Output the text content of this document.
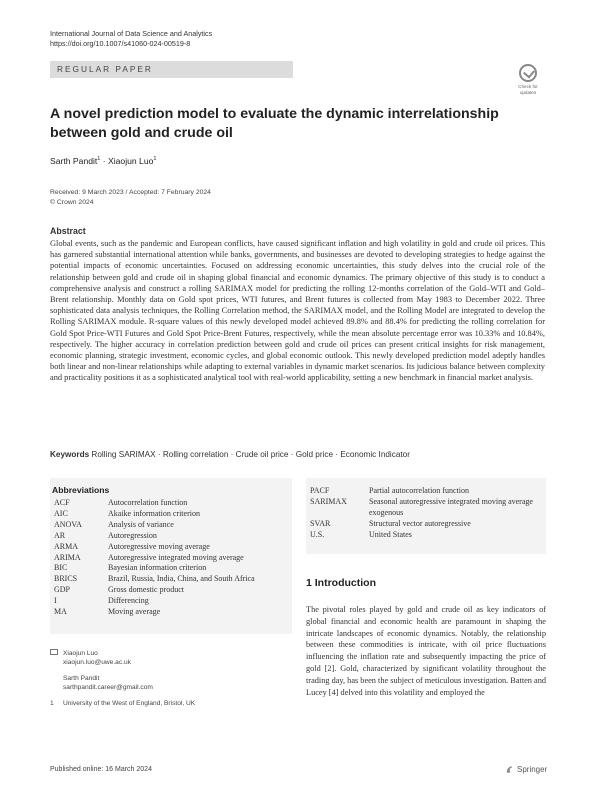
International Journal of Data Science and Analytics
https://doi.org/10.1007/s41060-024-00519-8
REGULAR PAPER
Check for
updates
A novel prediction model to evaluate the dynamic interrelationship between gold and crude oil
Sarth Pandit$^1$ · Xiaojun Luo$^1$
Received: 9 March 2023 / Accepted: 7 February 2024
© Crown 2024
Abstract

Global events, such as the pandemic and European conflicts, have caused significant inflation and high volatility in gold and crude oil prices. This has garnered substantial international attention while banks, governments, and businesses are devoted to developing strategies to hedge against the potential impacts of economic uncertainties. Focused on addressing economic uncertainties, this study delves into the crucial role of the relationship between gold and crude oil in shaping global financial and economic dynamics. The primary objective of this study is to conduct a comprehensive analysis and construct a rolling SARIMAX model for predicting the rolling 12-months correlation of the Gold–WTI and Gold–Brent relationship. Monthly data on Gold spot prices, WTI futures, and Brent futures is collected from May 1983 to December 2022. Three sophisticated data analysis techniques, the Rolling Correlation method, the SARIMAX model, and the Rolling Model are integrated to develop the Rolling SARIMAX module. R-square values of this newly developed model achieved 89.8% and 88.4% for predicting the rolling correlation for Gold Spot Price-WTI Futures and Gold Spot Price-Brent Futures, respectively, while the mean absolute percentage error was 10.33% and 10.84%, respectively. The higher accuracy in correlation prediction between gold and crude oil prices can present critical insights for risk management, economic planning, strategic investment, economic cycles, and global economic outlook. This newly developed prediction model adeptly handles both linear and non-linear relationships while adapting to external variables in dynamic market scenarios. Its judicious balance between complexity and practicality positions it as a sophisticated analytical tool with real-world applicability, setting a new benchmark in financial market analysis.

Keywords Rolling SARIMAX · Rolling correlation · Crude oil price · Gold price · Economic Indicator
Abbreviations
ACF	Autocorrelation function
AIC	Akaike information criterion
ANOVA	Analysis of variance
AR	Autoregression
ARMA	Autoregressive moving average
ARIMA	Autoregressive integrated moving average
BIC	Bayesian information criterion
BRICS	Brazil, Russia, India, China, and South Africa
GDP	Gross domestic product
I	Differencing
MA	Moving average
PACF	Partial autocorrelation function
SARIMAX	Seasonal autoregressive integrated moving average exogenous
SVAR	Structural vector autoregressive
U.S.	United States
1 Introduction

The pivotal roles played by gold and crude oil as key indicators of global financial and economic health are paramount in shaping the intricate landscapes of economic dynamics. Notably, the relationship between these commodities is intricate, with oil price fluctuations influencing the inflation rate and subsequently impacting the price of gold [2]. Gold, characterized by significant volatility throughout the trading day, has been the subject of meticulous investigation. Batten and Lucey [4] delved into this volatility and employed the

Xiaojun Luo
xiaojun.luo@uwe.ac.uk
Sarth Pandit
sarthpandit.career@gmail.com
1	University of the West of England, Bristol, UK
Published online: 16 March 2024	Springer
